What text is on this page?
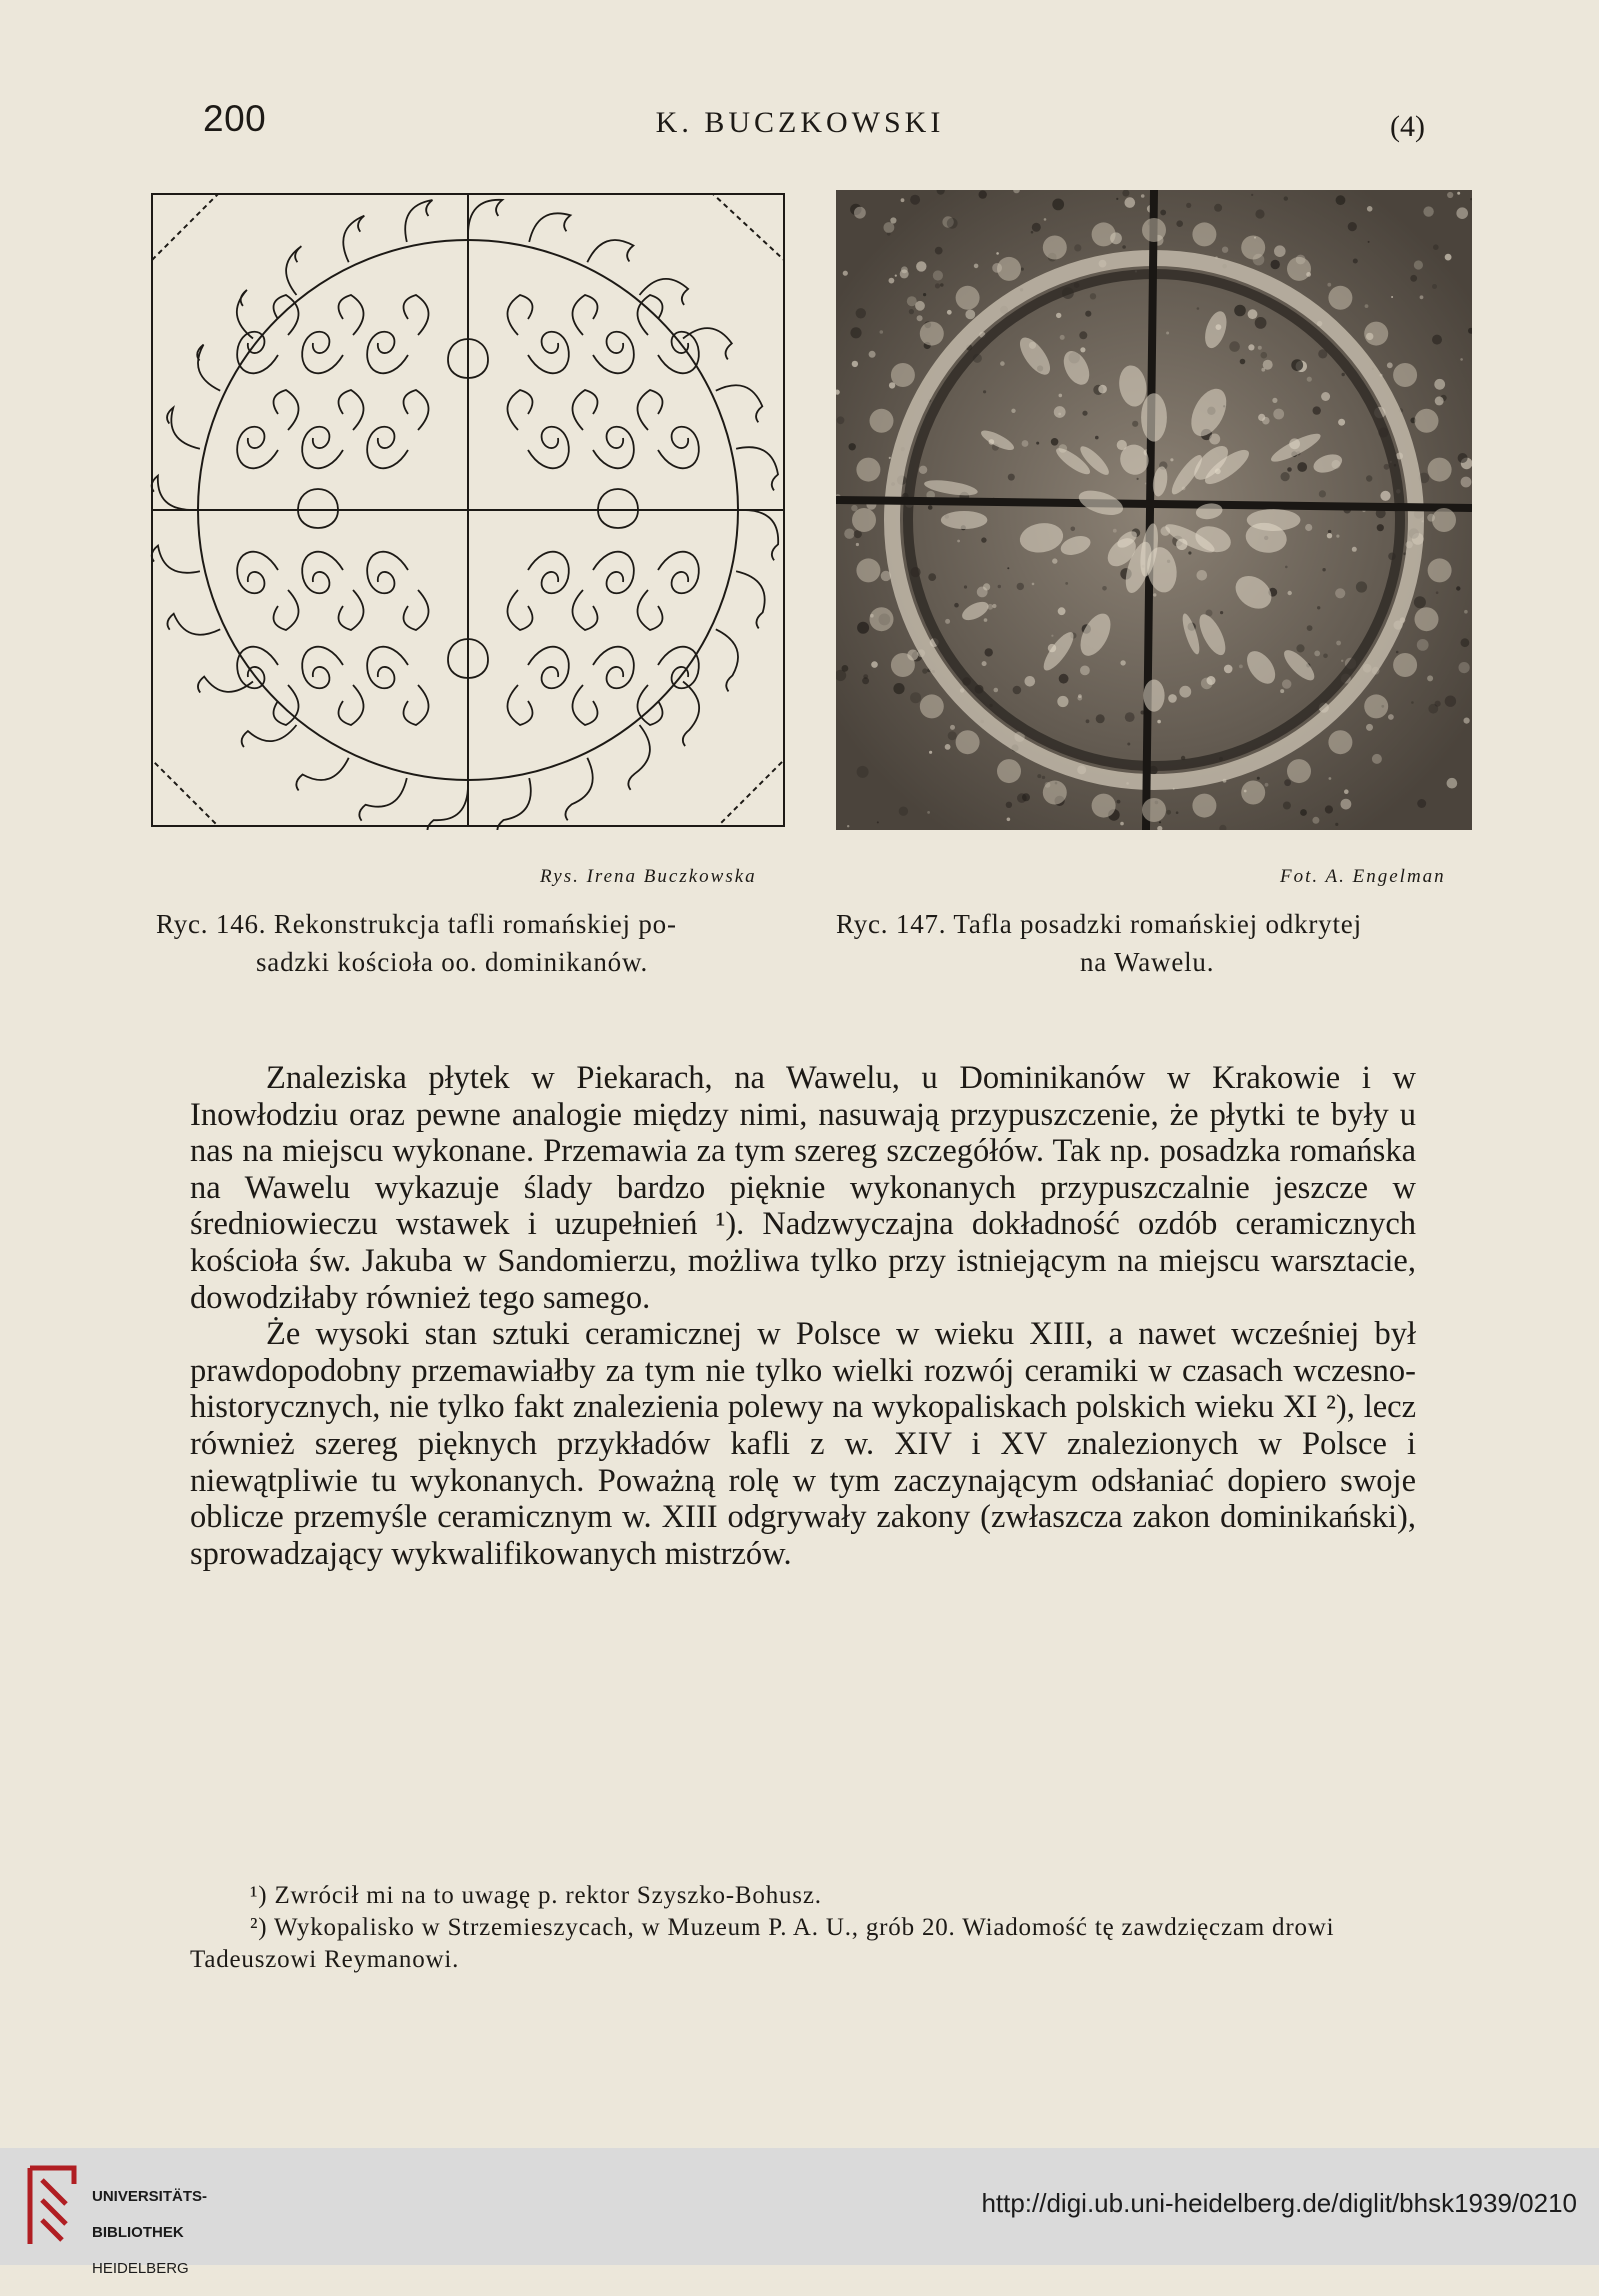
200	K. BUCZKOWSKI	(4)
Rys. Irena Buczkowska	Fot. A. Engelman
Ryc. 146. Rekonstrukcja tafli romańskiej po-
sadzki kościoła oo. dominikanów.
Ryc. 147. Tafla posadzki romańskiej odkrytej
na Wawelu.

Znaleziska płytek w Piekarach, na Wawelu, u Dominikanów w Krakowie i w Inowłodziu oraz pewne analogie między nimi, nasuwają przypuszczenie, że płytki te były u nas na miejscu wykonane. Przemawia za tym szereg szczegółów. Tak np. posadzka romańska na Wawelu wykazuje ślady bardzo pięknie wykonanych przypuszczalnie jeszcze w średniowieczu wstawek i uzupełnień ¹). Nadzwyczajna dokładność ozdób ceramicznych kościoła św. Jakuba w Sandomierzu, możliwa tylko przy istniejącym na miejscu warsztacie, dowodziłaby również tego samego.

Że wysoki stan sztuki ceramicznej w Polsce w wieku XIII, a nawet wcześniej był prawdopodobny przemawiałby za tym nie tylko wielki rozwój ceramiki w czasach wczesno-historycznych, nie tylko fakt znalezienia polewy na wykopaliskach polskich wieku XI ²), lecz również szereg pięknych przykładów kafli z w. XIV i XV znalezionych w Polsce i niewątpliwie tu wykonanych. Poważną rolę w tym zaczynającym odsłaniać dopiero swoje oblicze przemyśle ceramicznym w. XIII odgrywały zakony (zwłaszcza zakon dominikański), sprowadzający wykwalifikowanych mistrzów.

¹) Zwrócił mi na to uwagę p. rektor Szyszko-Bohusz.

²) Wykopalisko w Strzemieszycach, w Muzeum P. A. U., grób 20. Wiadomość tę zawdzięczam drowi Tadeuszowi Reymanowi.

UNIVERSITÄTS-

BIBLIOTHEK

HEIDELBERG

http://digi.ub.uni-heidelberg.de/diglit/bhsk1939/0210
